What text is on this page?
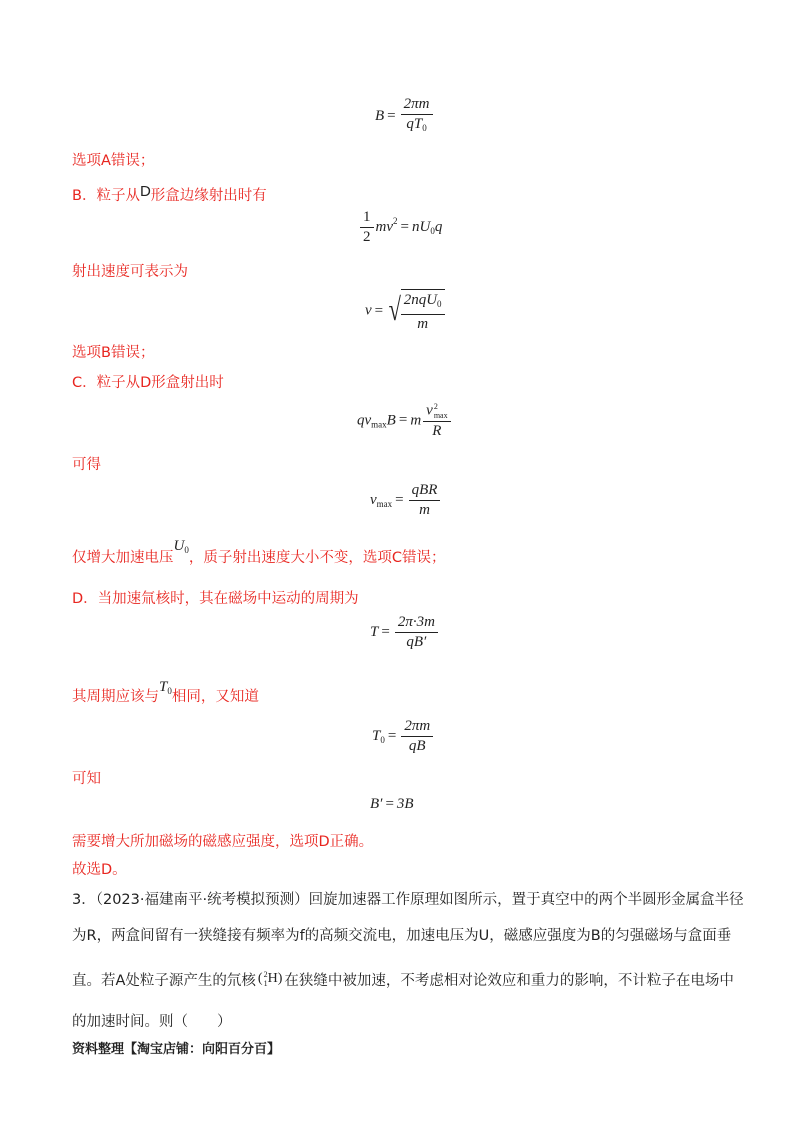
$B = \frac{2\pi m}{qT_0}$
选项A错误；
B．粒子从D形盒边缘射出时有
$\frac{1}{2} mv^2 = nU_0q$
射出速度可表示为
v = √ $\frac{2nqU_0}{m}$
选项B错误；
C．粒子从D形盒射出时
$qv_{max}B = m$ v 2
max
R
可得
$v_{max} = \frac{\text{qBR}}{m}$
仅增大加速电压$U_0$，质子射出速度大小不变，选项C错误；
D．当加速氚核时，其在磁场中运动的周期为
$T = \frac{2\pi\cdot 3m}{qB'}$
其周期应该与$T_0$相同，又知道
$T_0 = \frac{2\pi m}{qB}$
可知
B′ = 3B
需要增大所加磁场的磁感应强度，选项D正确。
故选D。
3．（2023·福建南平·统考模拟预测）回旋加速器工作原理如图所示，置于真空中的两个半圆形金属盒半径
为R，两盒间留有一狭缝接有频率为f的高频交流电，加速电压为U，磁感应强度为B的匀强磁场与盒面垂
直。若A处粒子源产生的氘核 ( 2
1 H) 在狭缝中被加速，不考虑相对论效应和重力的影响，不计粒子在电场中
的加速时间。则（　　）
资料整理【淘宝店铺：向阳百分百】
